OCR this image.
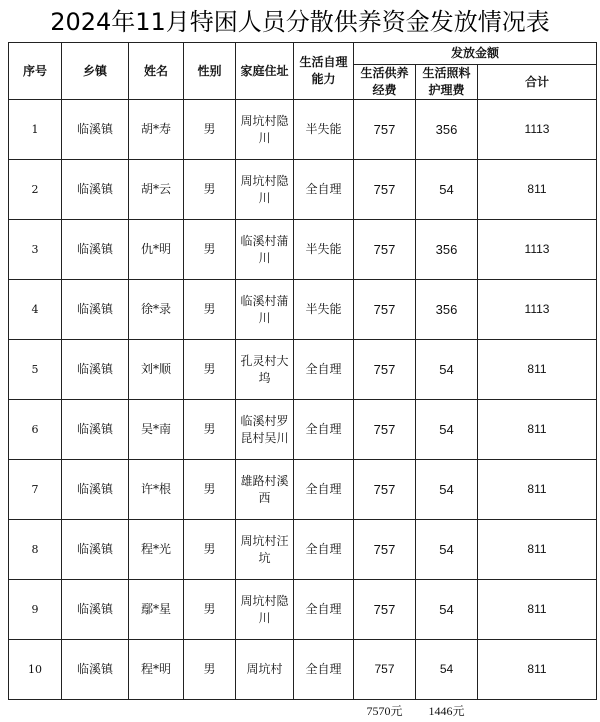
2024年11月特困人员分散供养资金发放情况表
序号	乡镇	姓名	性别	家庭住址	生活自理能力	发放金额		
						生活供养经费	生活照料护理费	合计
1	临溪镇	胡*寿	男	周坑村隐川	半失能	757	356	1113
2	临溪镇	胡*云	男	周坑村隐川	全自理	757	54	811
3	临溪镇	仇*明	男	临溪村蒲川	半失能	757	356	1113
4	临溪镇	徐*录	男	临溪村蒲川	半失能	757	356	1113
5	临溪镇	刘*顺	男	孔灵村大坞	全自理	757	54	811
6	临溪镇	吴*南	男	临溪村罗昆村吴川	全自理	757	54	811
7	临溪镇	许*根	男	雄路村溪西	全自理	757	54	811
8	临溪镇	程*光	男	周坑村汪坑	全自理	757	54	811
9	临溪镇	鄢*星	男	周坑村隐川	全自理	757	54	811
10	临溪镇	程*明	男	周坑村	全自理	757	54	811
						7570元	1446元	
